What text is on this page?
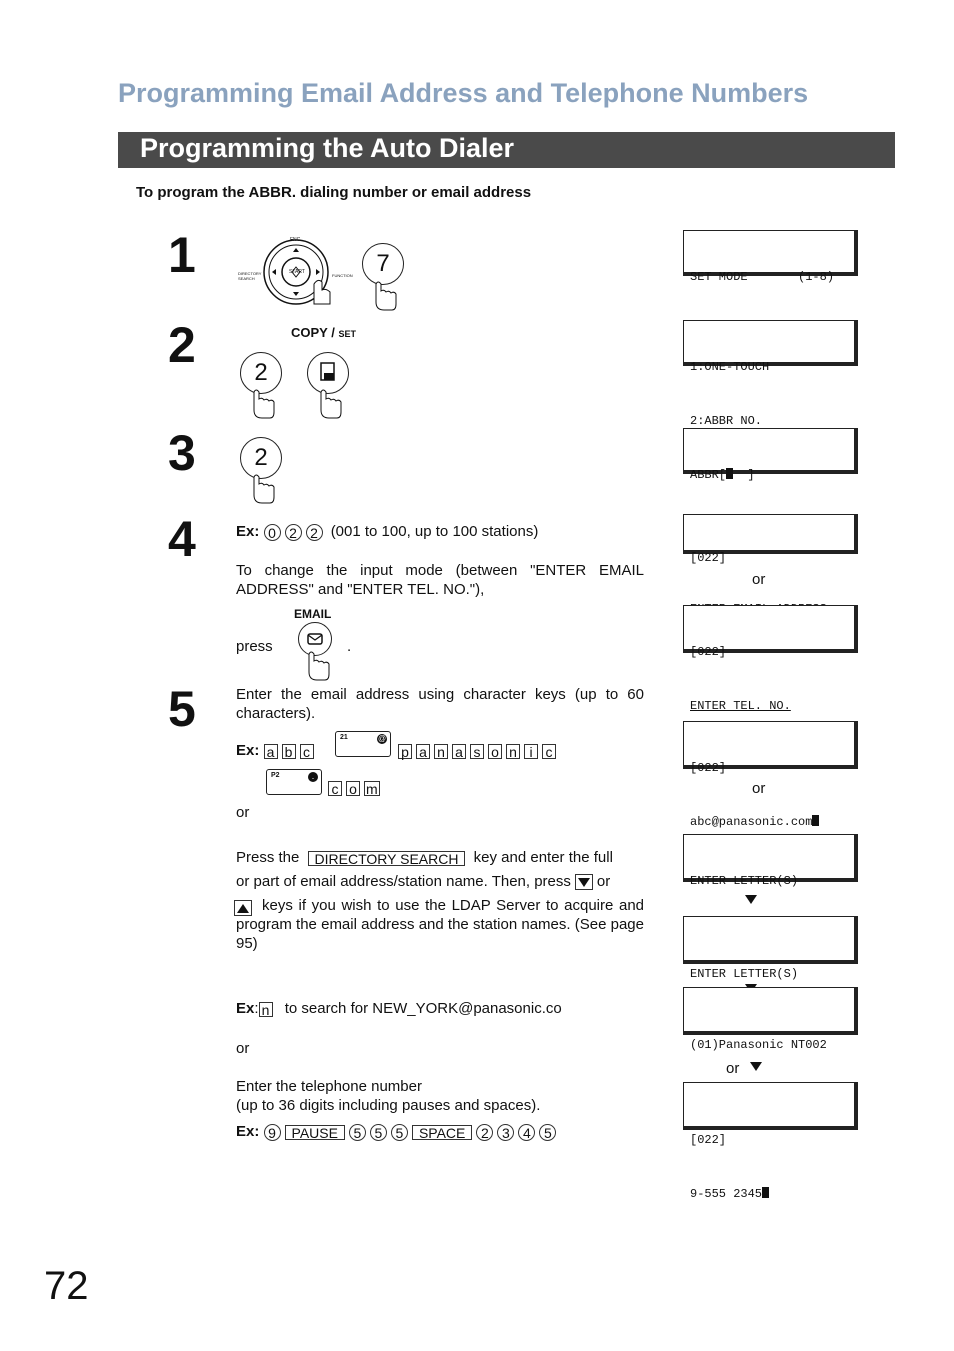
Programming Email Address and Telephone Numbers
Programming the Auto Dialer
To program the ABBR. dialing number or email address
1
2
3
4
5
FNC
START
DIRECTORY SEARCH
FUNCTION 7
COPY / SET
2
2
Ex: 0 2 2 (001 to 100, up to 100 stations)
To change the input mode (between "ENTER EMAIL ADDRESS" and "ENTER TEL. NO."),
EMAIL
press	.
Enter the email address using character keys (up to 60 characters).
Ex: a b c
21	@
p a n a s o n i c
P2	.
c o m
or
Press the DIRECTORY SEARCH key and enter the full
or part of email address/station name. Then, press or
keys if you wish to use the LDAP Server to acquire and program the email address and the station names. (See page 95)
Ex: n to search for NEW_YORK@panasonic.co
or
Enter the telephone number
(up to 36 digits including pauses and spaces).
Ex: 9 PAUSE 5 5 5 SPACE 2 3 4 5

SET MODE       (1-8)

1:ONE-TOUCH

2:ABBR NO.

ABBR[  ]

[022]

or

[022]

ENTER TEL. NO.

[022]

abc@panasonic.com

or

ENTER LETTER(S)

ENTER LETTER(S)

(01)Panasonic NT002

or

[022]

9-555 2345

72
